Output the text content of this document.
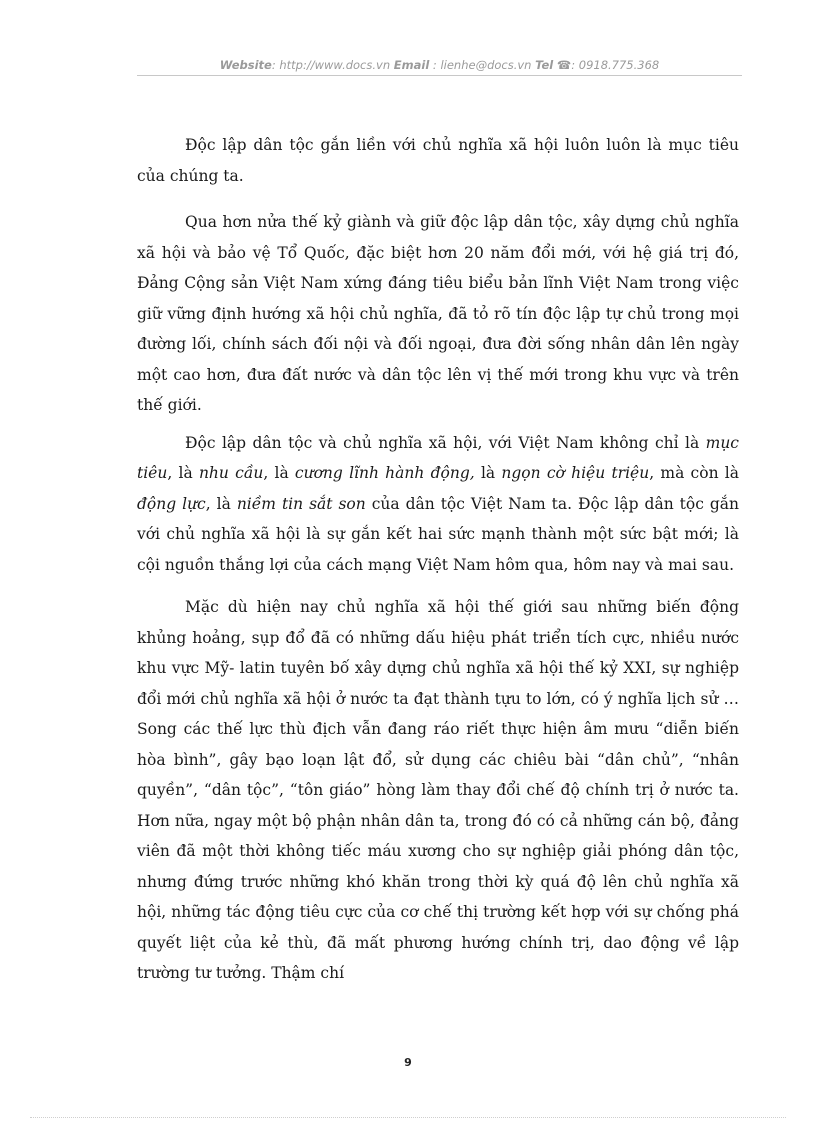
Website: http://www.docs.vn Email : lienhe@docs.vn Tel ☎: 0918.775.368

Độc lập dân tộc gắn liền với chủ nghĩa xã hội luôn luôn là mục tiêu của chúng ta.

Qua hơn nửa thế kỷ giành và giữ độc lập dân tộc, xây dựng chủ nghĩa xã hội và bảo vệ Tổ Quốc, đặc biệt hơn 20 năm đổi mới, với hệ giá trị đó, Đảng Cộng sản Việt Nam xứng đáng tiêu biểu bản lĩnh Việt Nam trong việc giữ vững định hướng xã hội chủ nghĩa, đã tỏ rõ tín độc lập tự chủ trong mọi đường lối, chính sách đối nội và đối ngoại, đưa đời sống nhân dân lên ngày một cao hơn, đưa đất nước và dân tộc lên vị thế mới trong khu vực và trên thế giới.

Độc lập dân tộc và chủ nghĩa xã hội, với Việt Nam không chỉ là mục tiêu, là nhu cầu, là cương lĩnh hành động, là ngọn cờ hiệu triệu, mà còn là động lực, là niềm tin sắt son của dân tộc Việt Nam ta. Độc lập dân tộc gắn với chủ nghĩa xã hội là sự gắn kết hai sức mạnh thành một sức bật mới; là cội nguồn thắng lợi của cách mạng Việt Nam hôm qua, hôm nay và mai sau.

Mặc dù hiện nay chủ nghĩa xã hội thế giới sau những biến động khủng hoảng, sụp đổ đã có những dấu hiệu phát triển tích cực, nhiều nước khu vực Mỹ- latin tuyên bố xây dựng chủ nghĩa xã hội thế kỷ XXI, sự nghiệp đổi mới chủ nghĩa xã hội ở nước ta đạt thành tựu to lớn, có ý nghĩa lịch sử … Song các thế lực thù địch vẫn đang ráo riết thực hiện âm mưu “diễn biến hòa bình”, gây bạo loạn lật đổ, sử dụng các chiêu bài “dân chủ”, “nhân quyền”, “dân tộc”, “tôn giáo” hòng làm thay đổi chế độ chính trị ở nước ta. Hơn nữa, ngay một bộ phận nhân dân ta, trong đó có cả những cán bộ, đảng viên đã một thời không tiếc máu xương cho sự nghiệp giải phóng dân tộc, nhưng đứng trước những khó khăn trong thời kỳ quá độ lên chủ nghĩa xã hội, những tác động tiêu cực của cơ chế thị trường kết hợp với sự chống phá quyết liệt của kẻ thù, đã mất phương hướng chính trị, dao động về lập trường tư tưởng. Thậm chí

9
